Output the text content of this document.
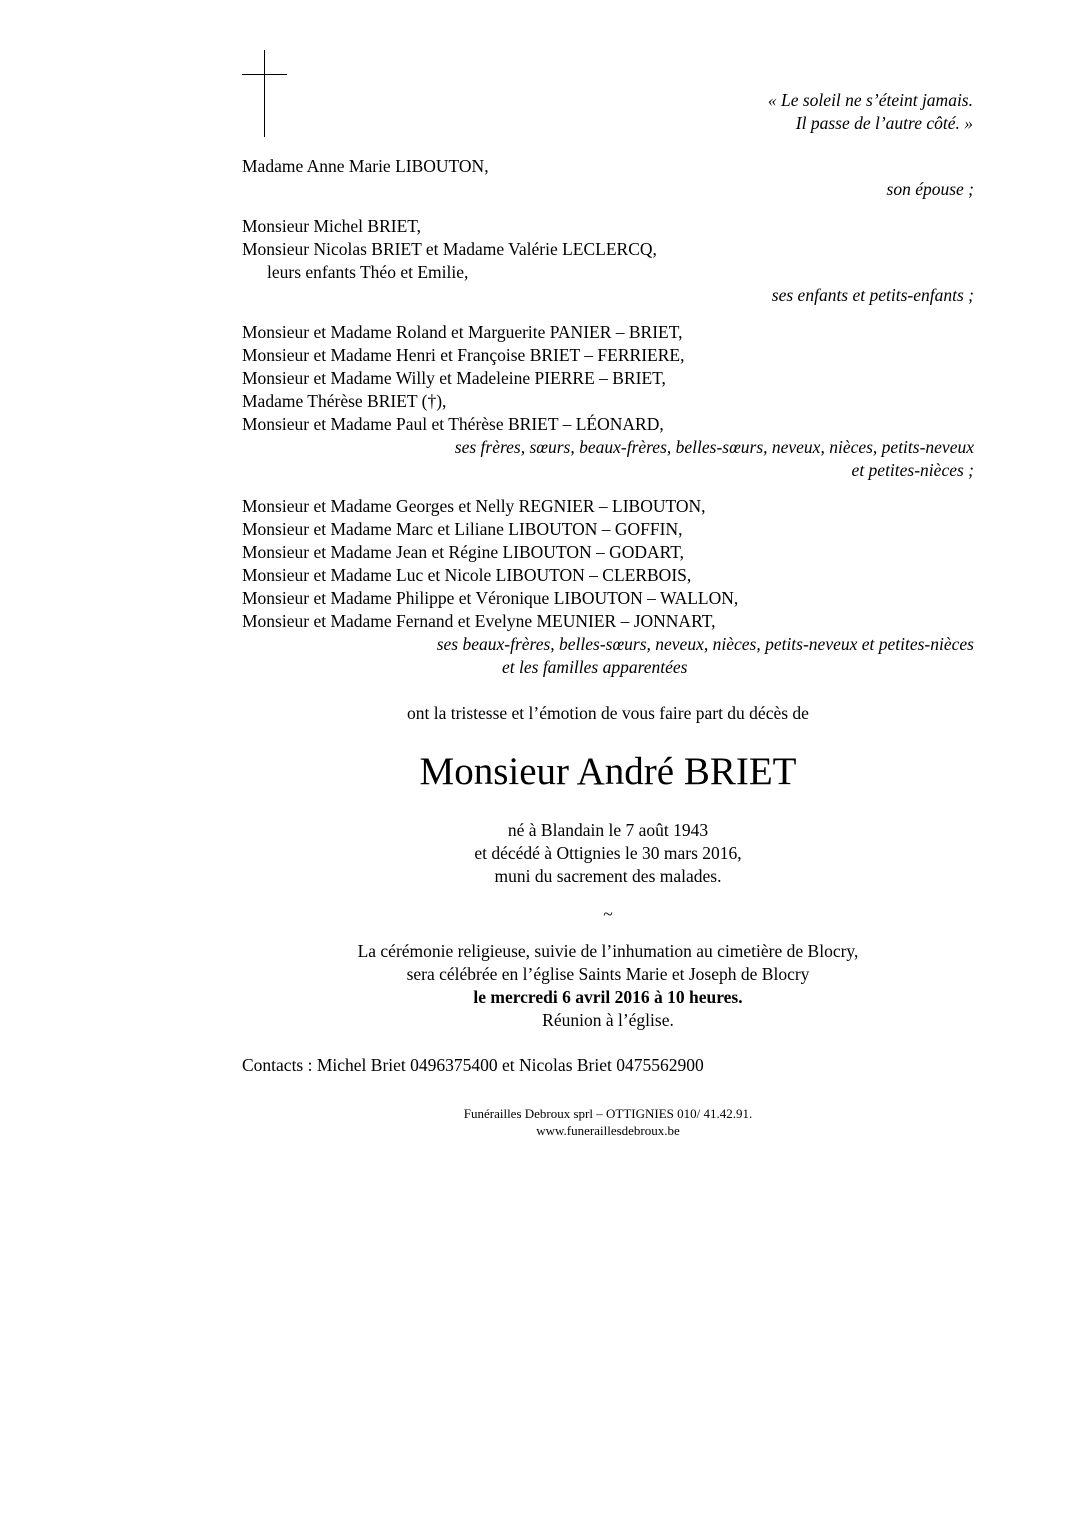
« Le soleil ne s’éteint jamais.
Il passe de l’autre côté. »
Madame Anne Marie LIBOUTON,
son épouse ;
Monsieur Michel BRIET,
Monsieur Nicolas BRIET et Madame Valérie LECLERCQ,
leurs enfants Théo et Emilie,
ses enfants et petits-enfants ;
Monsieur et Madame Roland et Marguerite PANIER – BRIET,
Monsieur et Madame Henri et Françoise BRIET – FERRIERE,
Monsieur et Madame Willy et Madeleine PIERRE – BRIET,
Madame Thérèse BRIET (†),
Monsieur et Madame Paul et Thérèse BRIET – LÉONARD,
ses frères, sœurs, beaux-frères, belles-sœurs, neveux, nièces, petits-neveux
et petites-nièces ;
Monsieur et Madame Georges et Nelly REGNIER – LIBOUTON,
Monsieur et Madame Marc et Liliane LIBOUTON – GOFFIN,
Monsieur et Madame Jean et Régine LIBOUTON – GODART,
Monsieur et Madame Luc et Nicole LIBOUTON – CLERBOIS,
Monsieur et Madame Philippe et Véronique LIBOUTON – WALLON,
Monsieur et Madame Fernand et Evelyne MEUNIER – JONNART,
ses beaux-frères, belles-sœurs, neveux, nièces, petits-neveux et petites-nièces
et les familles apparentées
ont la tristesse et l’émotion de vous faire part du décès de
Monsieur André BRIET
né à Blandain le 7 août 1943
et décédé à Ottignies le 30 mars 2016,
muni du sacrement des malades.
~
La cérémonie religieuse, suivie de l’inhumation au cimetière de Blocry,
sera célébrée en l’église Saints Marie et Joseph de Blocry
le mercredi 6 avril 2016 à 10 heures.
Réunion à l’église.
Contacts : Michel Briet 0496375400 et Nicolas Briet 0475562900
Funérailles Debroux sprl – OTTIGNIES 010/ 41.42.91.
www.funeraillesdebroux.be
